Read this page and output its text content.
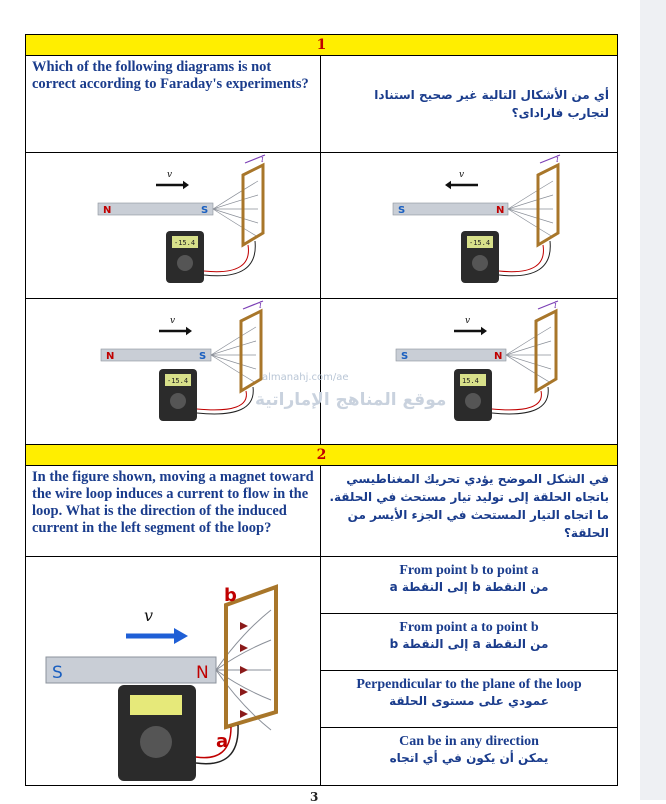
1
Which of the following diagrams is not correct according to Faraday's experiments?
أي من الأشكال التالية غير صحيح استنادا لتجارب فارادای؟
N	S
i
v
-15.4
S	N
i
v
-15.4
N	S
i
v
-15.4
S	N
i
v
15.4
2
In the figure shown, moving a magnet toward the wire loop induces a current to flow in the loop. What is the direction of the induced current in the left segment of the loop?
في الشكل الموضح يؤدي تحريك المغناطيسي باتجاه الحلقة إلى توليد تيار مستحث في الحلقة. ما اتجاه التيار المستحث في الجزء الأيسر من الحلقة؟
S	N
v
b
a
From point b to point a
من النقطة b إلى النقطة a
From point a to point b
من النقطة a إلى النقطة b
Perpendicular to the plane of the loop
عمودي على مستوى الحلقة
Can be in any direction
يمكن أن يكون في أي اتجاه
almanahj.com/ae
موقع المناهج الإماراتية
3
